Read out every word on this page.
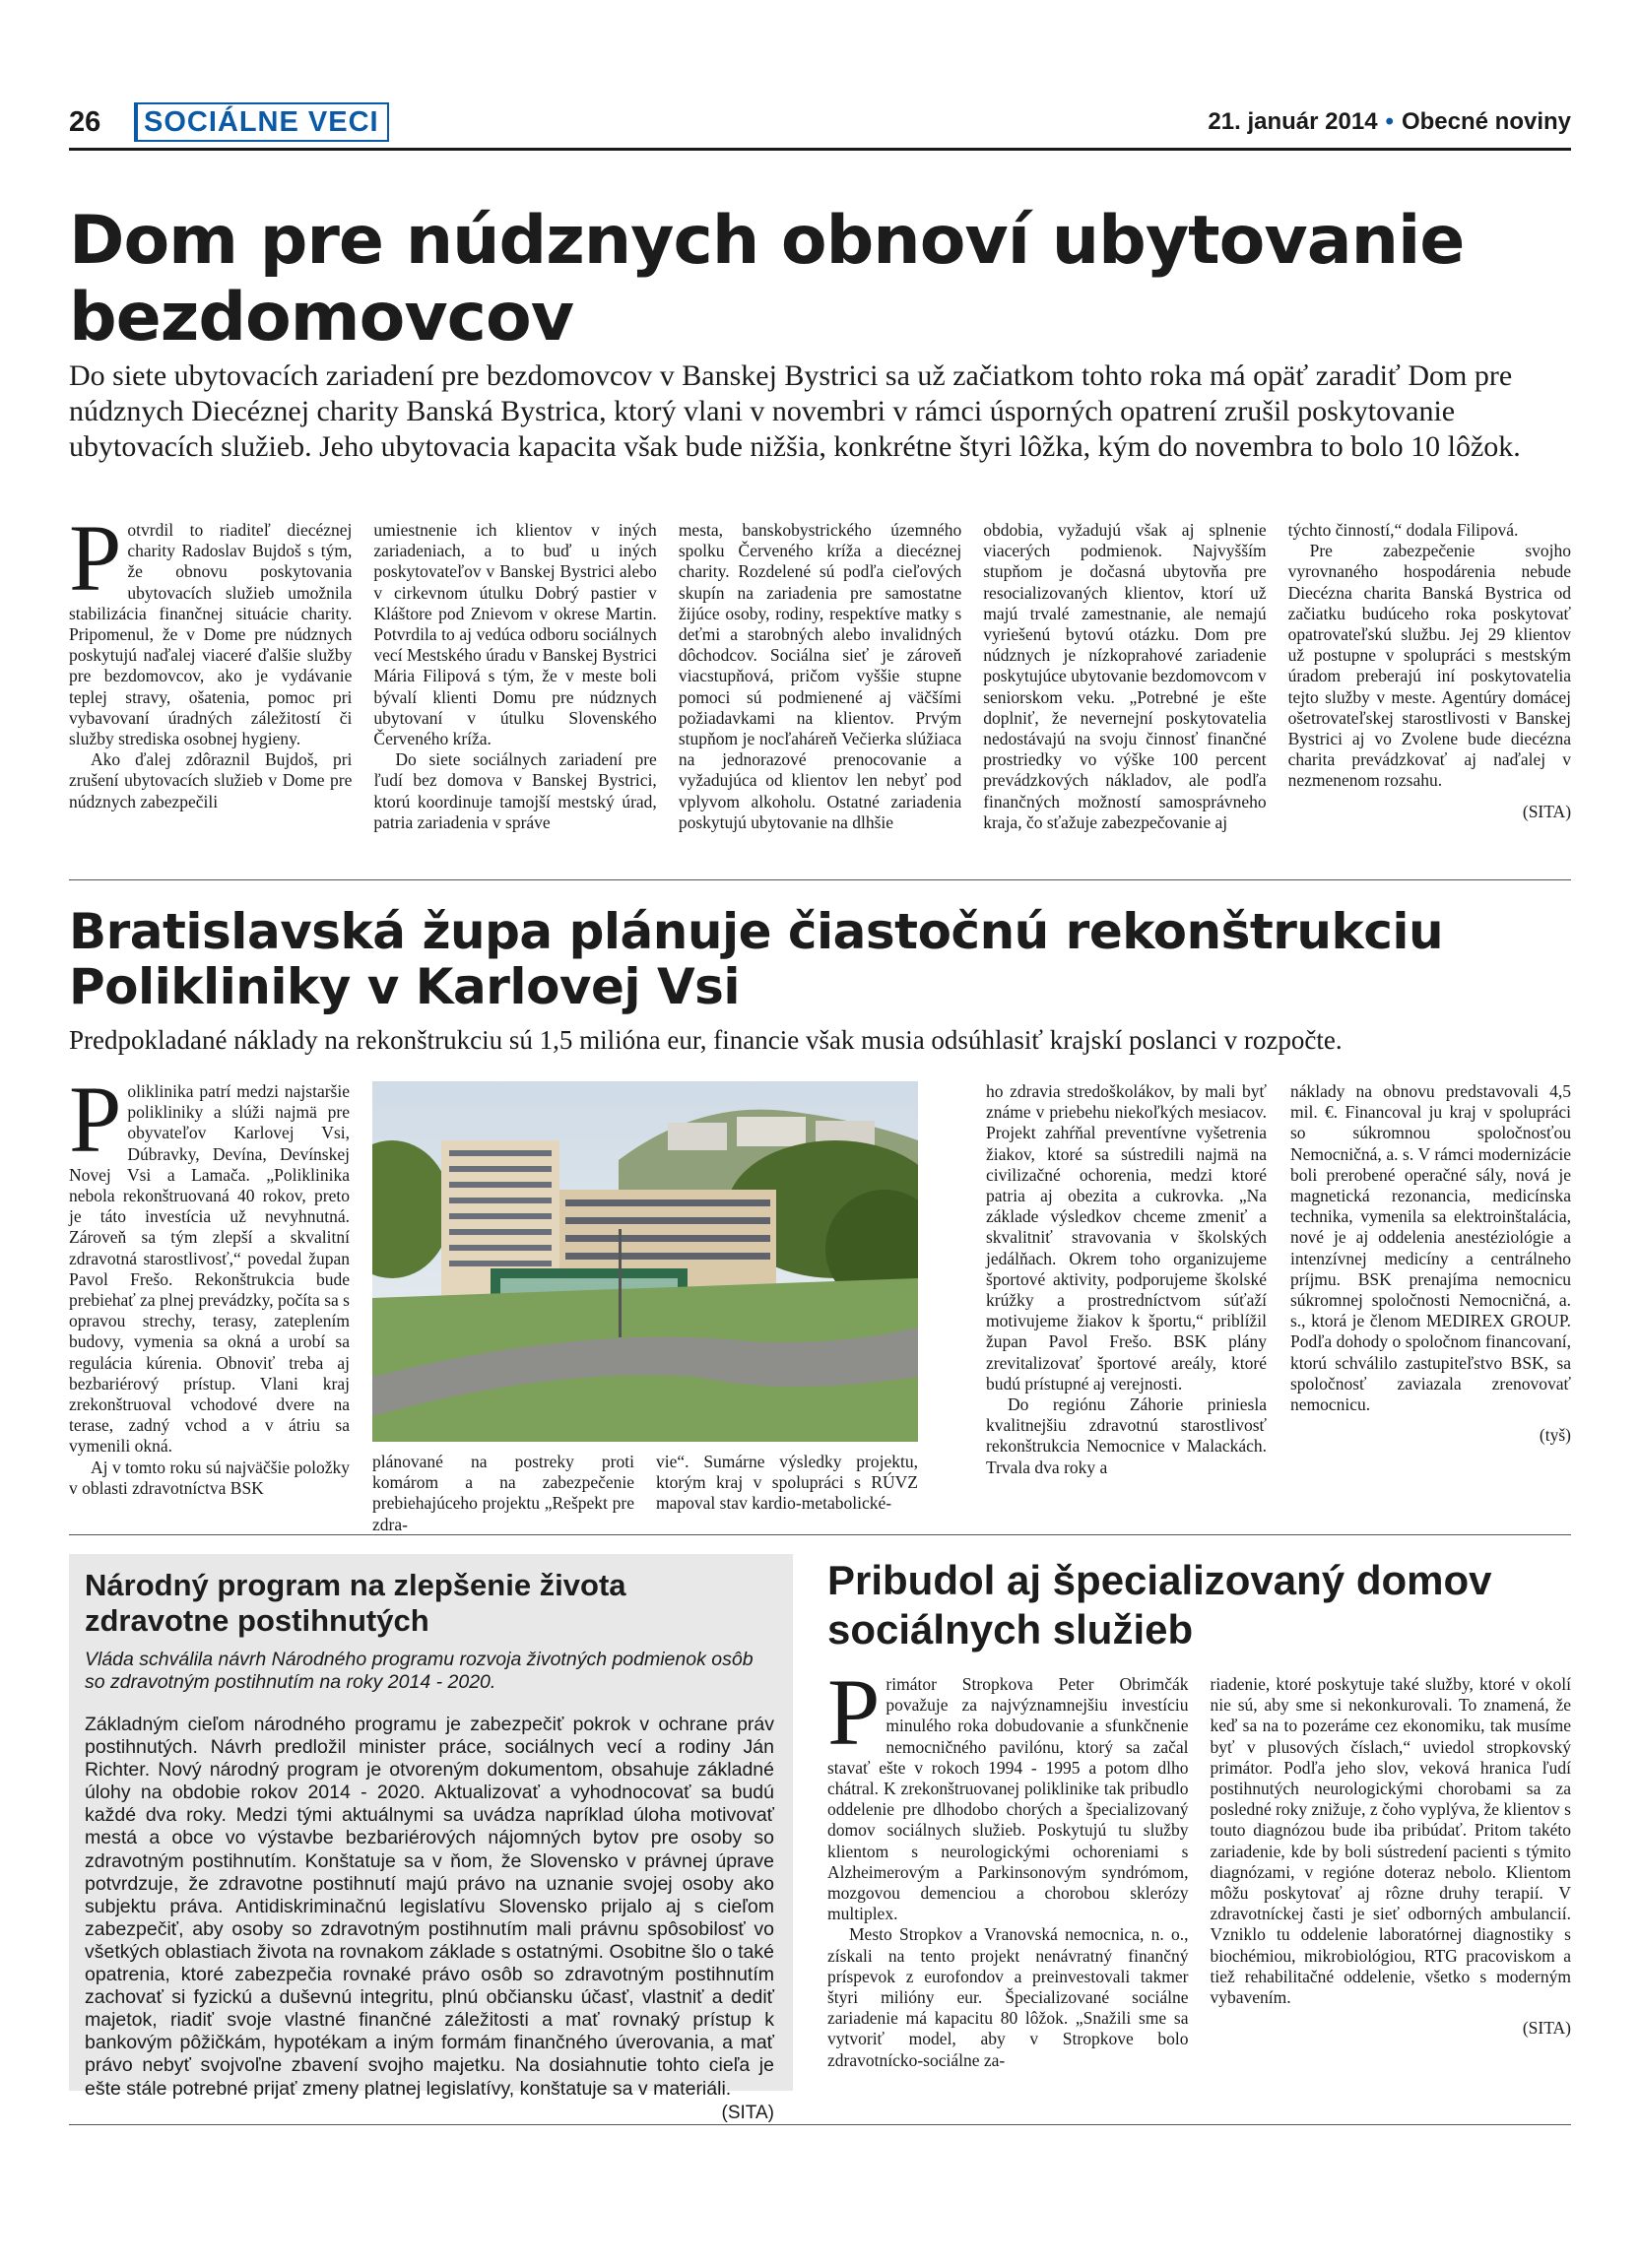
26	SOCIÁLNE VECI	21. január 2014 • Obecné noviny
Dom pre núdznych obnoví ubytovanie bezdomovcov
Do siete ubytovacích zariadení pre bezdomovcov v Banskej Bystrici sa už začiatkom tohto roka má opäť zaradiť Dom pre núdznych Diecéznej charity Banská Bystrica, ktorý vlani v novembri v rámci úsporných opatrení zrušil poskytovanie ubytovacích služieb. Jeho ubytovacia kapacita však bude nižšia, konkrétne štyri lôžka, kým do novembra to bolo 10 lôžok.

Potvrdil to riaditeľ diecéznej charity Radoslav Bujdoš s tým, že obnovu poskytovania ubytovacích služieb umožnila stabilizácia finančnej situácie charity. Pripomenul, že v Dome pre núdznych poskytujú naďalej viaceré ďalšie služby pre bezdomovcov, ako je vydávanie teplej stravy, ošatenia, pomoc pri vybavovaní úradných záležitostí či služby strediska osobnej hygieny.

Ako ďalej zdôraznil Bujdoš, pri zrušení ubytovacích služieb v Dome pre núdznych zabezpečili

umiestnenie ich klientov v iných zariadeniach, a to buď u iných poskytovateľov v Banskej Bystrici alebo v cirkevnom útulku Dobrý pastier v Kláštore pod Znievom v okrese Martin. Potvrdila to aj vedúca odboru sociálnych vecí Mestského úradu v Banskej Bystrici Mária Filipová s tým, že v meste boli bývalí klienti Domu pre núdznych ubytovaní v útulku Slovenského Červeného kríža.

Do siete sociálnych zariadení pre ľudí bez domova v Banskej Bystrici, ktorú koordinuje tamojší mestský úrad, patria zariadenia v správe

mesta, banskobystrického územného spolku Červeného kríža a diecéznej charity. Rozdelené sú podľa cieľových skupín na zariadenia pre samostatne žijúce osoby, rodiny, respektíve matky s deťmi a starobných alebo invalidných dôchodcov. Sociálna sieť je zároveň viacstupňová, pričom vyššie stupne pomoci sú podmienené aj väčšími požiadavkami na klientov. Prvým stupňom je nocľaháreň Večierka slúžiaca na jednorazové prenocovanie a vyžadujúca od klientov len nebyť pod vplyvom alkoholu. Ostatné zariadenia poskytujú ubytovanie na dlhšie

obdobia, vyžadujú však aj splnenie viacerých podmienok. Najvyšším stupňom je dočasná ubytovňa pre resocializovaných klientov, ktorí už majú trvalé zamestnanie, ale nemajú vyriešenú bytovú otázku. Dom pre núdznych je nízkoprahové zariadenie poskytujúce ubytovanie bezdomovcom v seniorskom veku. „Potrebné je ešte doplniť, že nevernejní poskytovatelia nedostávajú na svoju činnosť finančné prostriedky vo výške 100 percent prevádzkových nákladov, ale podľa finančných možností samosprávneho kraja, čo sťažuje zabezpečovanie aj

týchto činností,“ dodala Filipová.

Pre zabezpečenie svojho vyrovnaného hospodárenia nebude Diecézna charita Banská Bystrica od začiatku budúceho roka poskytovať opatrovateľskú službu. Jej 29 klientov už postupne v spolupráci s mestským úradom preberajú iní poskytovatelia tejto služby v meste. Agentúry domácej ošetrovateľskej starostlivosti v Banskej Bystrici aj vo Zvolene bude diecézna charita prevádzkovať aj naďalej v nezmenenom rozsahu.

(SITA)
Bratislavská župa plánuje čiastočnú rekonštrukciu Polikliniky v Karlovej Vsi
Predpokladané náklady na rekonštrukciu sú 1,5 milióna eur, financie však musia odsúhlasiť krajskí poslanci v rozpočte.

Poliklinika patrí medzi najstaršie polikliniky a slúži najmä pre obyvateľov Karlovej Vsi, Dúbravky, Devína, Devínskej Novej Vsi a Lamača. „Poliklinika nebola rekonštruovaná 40 rokov, preto je táto investícia už nevyhnutná. Zároveň sa tým zlepší a skvalitní zdravotná starostlivosť,“ povedal župan Pavol Frešo. Rekonštrukcia bude prebiehať za plnej prevádzky, počíta sa s opravou strechy, terasy, zateplením budovy, vymenia sa okná a urobí sa regulácia kúrenia. Obnoviť treba aj bezbariérový prístup. Vlani kraj zrekonštruoval vchodové dvere na terase, zadný vchod a v átriu sa vymenili okná.

Aj v tomto roku sú najväčšie položky v oblasti zdravotníctva BSK

plánované na postreky proti komárom a na zabezpečenie prebiehajúceho projektu „Rešpekt pre zdra-

vie“. Sumárne výsledky projektu, ktorým kraj v spolupráci s RÚVZ mapoval stav kardio-metabolické-

ho zdravia stredoškolákov, by mali byť známe v priebehu niekoľkých mesiacov. Projekt zahŕňal preventívne vyšetrenia žiakov, ktoré sa sústredili najmä na civilizačné ochorenia, medzi ktoré patria aj obezita a cukrovka. „Na základe výsledkov chceme zmeniť a skvalitniť stravovania v školských jedálňach. Okrem toho organizujeme športové aktivity, podporujeme školské krúžky a prostredníctvom súťaží motivujeme žiakov k športu,“ priblížil župan Pavol Frešo. BSK plány zrevitalizovať športové areály, ktoré budú prístupné aj verejnosti.

Do regiónu Záhorie priniesla kvalitnejšiu zdravotnú starostlivosť rekonštrukcia Nemocnice v Malackách. Trvala dva roky a

náklady na obnovu predstavovali 4,5 mil. €. Financoval ju kraj v spolupráci so súkromnou spoločnosťou Nemocničná, a. s. V rámci modernizácie boli prerobené operačné sály, nová je magnetická rezonancia, medicínska technika, vymenila sa elektroinštalácia, nové je aj oddelenia anestéziológie a intenzívnej medicíny a centrálneho príjmu. BSK prenajíma nemocnicu súkromnej spoločnosti Nemocničná, a. s., ktorá je členom MEDIREX GROUP. Podľa dohody o spoločnom financovaní, ktorú schválilo zastupiteľstvo BSK, sa spoločnosť zaviazala zrenovovať nemocnicu.

(tyš)
Národný program na zlepšenie života zdravotne postihnutých
Vláda schválila návrh Národného programu rozvoja životných podmienok osôb so zdravotným postihnutím na roky 2014 - 2020.
Základným cieľom národného programu je zabezpečiť pokrok v ochrane práv postihnutých. Návrh predložil minister práce, sociálnych vecí a rodiny Ján Richter. Nový národný program je otvoreným dokumentom, obsahuje základné úlohy na obdobie rokov 2014 - 2020. Aktualizovať a vyhodnocovať sa budú každé dva roky. Medzi tými aktuálnymi sa uvádza napríklad úloha motivovať mestá a obce vo výstavbe bezbariérových nájomných bytov pre osoby so zdravotným postihnutím. Konštatuje sa v ňom, že Slovensko v právnej úprave potvrdzuje, že zdravotne postihnutí majú právo na uznanie svojej osoby ako subjektu práva. Antidiskriminačnú legislatívu Slovensko prijalo aj s cieľom zabezpečiť, aby osoby so zdravotným postihnutím mali právnu spôsobilosť vo všetkých oblastiach života na rovnakom základe s ostatnými. Osobitne šlo o také opatrenia, ktoré zabezpečia rovnaké právo osôb so zdravotným postihnutím zachovať si fyzickú a duševnú integritu, plnú občiansku účasť, vlastniť a dediť majetok, riadiť svoje vlastné finančné záležitosti a mať rovnaký prístup k bankovým pôžičkám, hypotékam a iným formám finančného úverovania, a mať právo nebyť svojvoľne zbavení svojho majetku. Na dosiahnutie tohto cieľa je ešte stále potrebné prijať zmeny platnej legislatívy, konštatuje sa v materiáli.
(SITA)
Pribudol aj špecializovaný domov sociálnych služieb

Primátor Stropkova Peter Obrimčák považuje za najvýznamnejšiu investíciu minulého roka dobudovanie a sfunkčnenie nemocničného pavilónu, ktorý sa začal stavať ešte v rokoch 1994 - 1995 a potom dlho chátral. K zrekonštruovanej poliklinike tak pribudlo oddelenie pre dlhodobo chorých a špecializovaný domov sociálnych služieb. Poskytujú tu služby klientom s neurologickými ochoreniami s Alzheimerovým a Parkinsonovým syndrómom, mozgovou demenciou a chorobou sklerózy multiplex.

Mesto Stropkov a Vranovská nemocnica, n. o., získali na tento projekt nenávratný finančný príspevok z eurofondov a preinvestovali takmer štyri milióny eur. Špecializované sociálne zariadenie má kapacitu 80 lôžok. „Snažili sme sa vytvoriť model, aby v Stropkove bolo zdravotnícko-sociálne za-

riadenie, ktoré poskytuje také služby, ktoré v okolí nie sú, aby sme si nekonkurovali. To znamená, že keď sa na to pozeráme cez ekonomiku, tak musíme byť v plusových číslach,“ uviedol stropkovský primátor. Podľa jeho slov, veková hranica ľudí postihnutých neurologickými chorobami sa za posledné roky znižuje, z čoho vyplýva, že klientov s touto diagnózou bude iba pribúdať. Pritom takéto zariadenie, kde by boli sústredení pacienti s týmito diagnózami, v regióne doteraz nebolo. Klientom môžu poskytovať aj rôzne druhy terapií. V zdravotníckej časti je sieť odborných ambulancií. Vzniklo tu oddelenie laboratórnej diagnostiky s biochémiou, mikrobiológiou, RTG pracoviskom a tiež rehabilitačné oddelenie, všetko s moderným vybavením.

(SITA)
